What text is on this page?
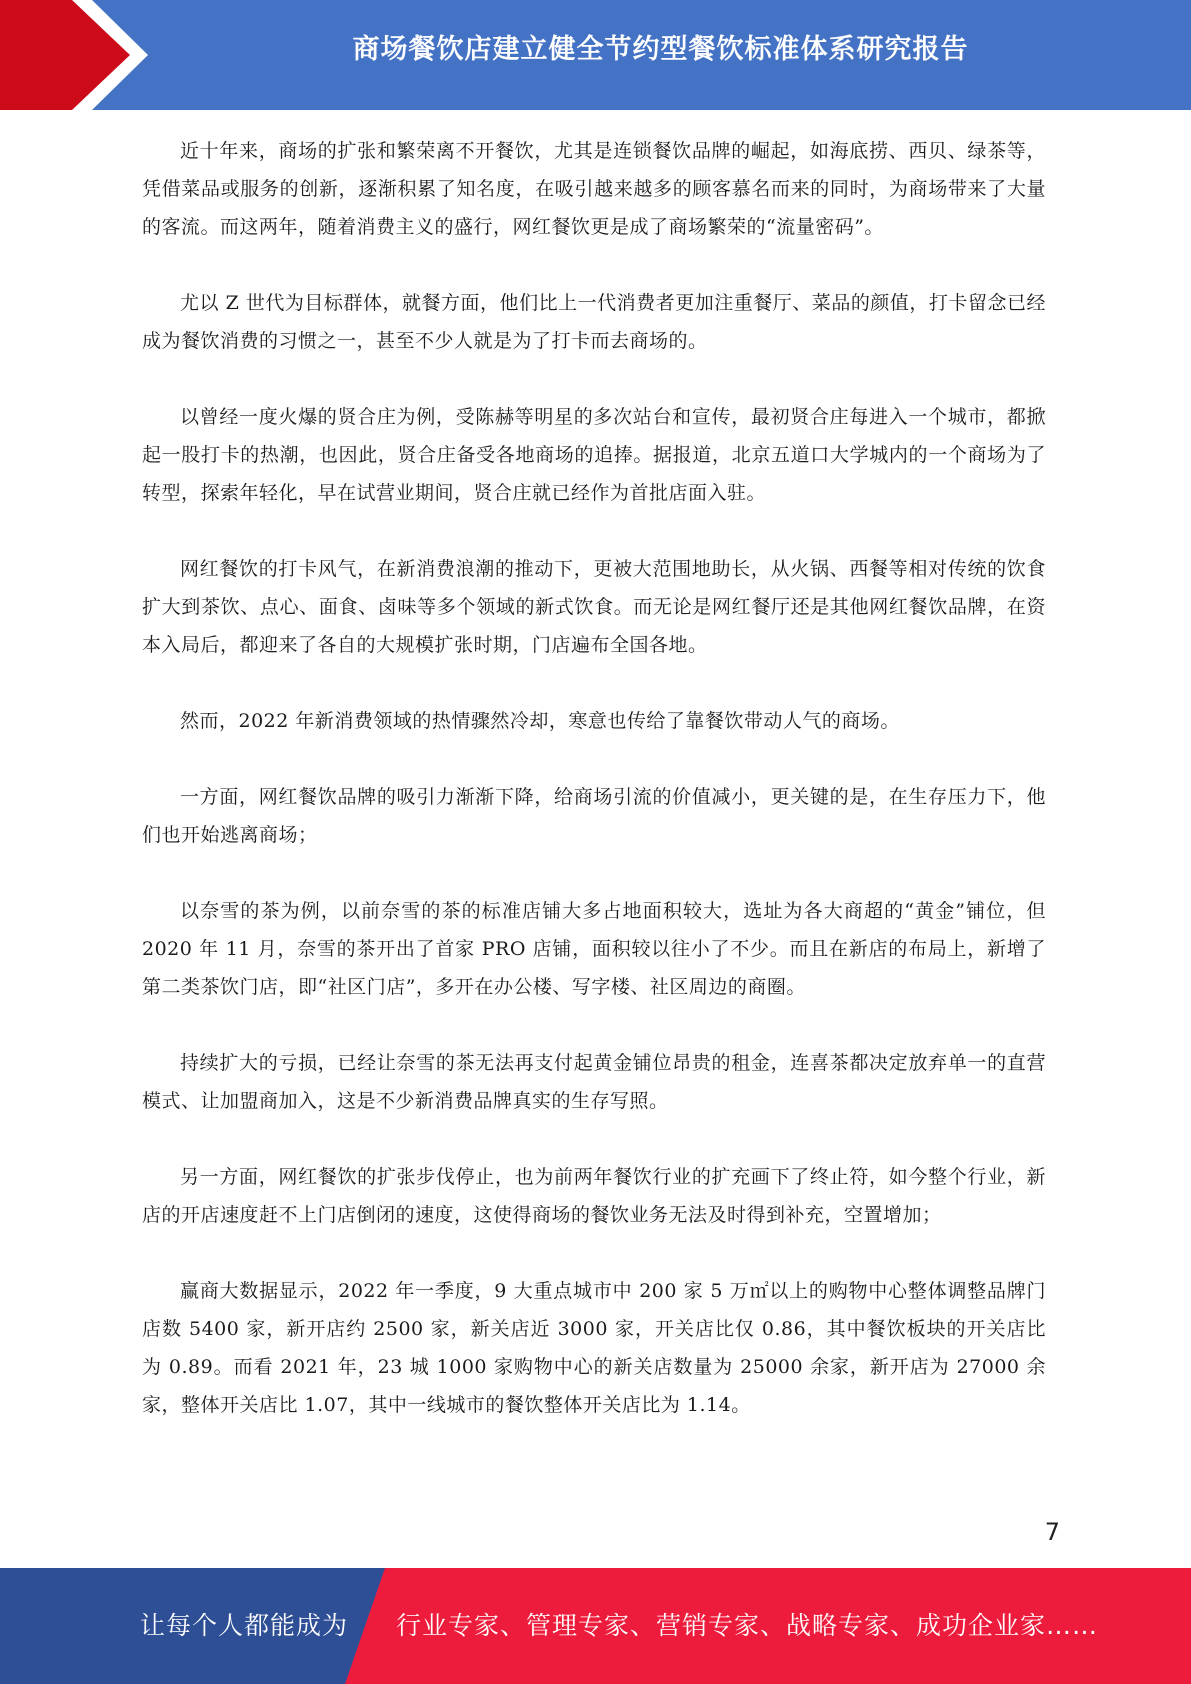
商场餐饮店建立健全节约型餐饮标准体系研究报告

近十年来，商场的扩张和繁荣离不开餐饮，尤其是连锁餐饮品牌的崛起，如海底捞、西贝、绿茶等，凭借菜品或服务的创新，逐渐积累了知名度，在吸引越来越多的顾客慕名而来的同时，为商场带来了大量的客流。而这两年，随着消费主义的盛行，网红餐饮更是成了商场繁荣的“流量密码”。

尤以 Z 世代为目标群体，就餐方面，他们比上一代消费者更加注重餐厅、菜品的颜值，打卡留念已经成为餐饮消费的习惯之一，甚至不少人就是为了打卡而去商场的。

以曾经一度火爆的贤合庄为例，受陈赫等明星的多次站台和宣传，最初贤合庄每进入一个城市，都掀起一股打卡的热潮，也因此，贤合庄备受各地商场的追捧。据报道，北京五道口大学城内的一个商场为了转型，探索年轻化，早在试营业期间，贤合庄就已经作为首批店面入驻。

网红餐饮的打卡风气，在新消费浪潮的推动下，更被大范围地助长，从火锅、西餐等相对传统的饮食扩大到茶饮、点心、面食、卤味等多个领域的新式饮食。而无论是网红餐厅还是其他网红餐饮品牌，在资本入局后，都迎来了各自的大规模扩张时期，门店遍布全国各地。

然而，2022 年新消费领域的热情骤然冷却，寒意也传给了靠餐饮带动人气的商场。

一方面，网红餐饮品牌的吸引力渐渐下降，给商场引流的价值减小，更关键的是，在生存压力下，他们也开始逃离商场；

以奈雪的茶为例，以前奈雪的茶的标准店铺大多占地面积较大，选址为各大商超的“黄金”铺位，但 2020 年 11 月，奈雪的茶开出了首家 PRO 店铺，面积较以往小了不少。而且在新店的布局上，新增了第二类茶饮门店，即“社区门店”，多开在办公楼、写字楼、社区周边的商圈。

持续扩大的亏损，已经让奈雪的茶无法再支付起黄金铺位昂贵的租金，连喜茶都决定放弃单一的直营模式、让加盟商加入，这是不少新消费品牌真实的生存写照。

另一方面，网红餐饮的扩张步伐停止，也为前两年餐饮行业的扩充画下了终止符，如今整个行业，新店的开店速度赶不上门店倒闭的速度，这使得商场的餐饮业务无法及时得到补充，空置增加；

赢商大数据显示，2022 年一季度，9 大重点城市中 200 家 5 万㎡以上的购物中心整体调整品牌门店数 5400 家，新开店约 2500 家，新关店近 3000 家，开关店比仅 0.86，其中餐饮板块的开关店比为 0.89。而看 2021 年，23 城 1000 家购物中心的新关店数量为 25000 余家，新开店为 27000 余家，整体开关店比 1.07，其中一线城市的餐饮整体开关店比为 1.14。

7
让每个人都能成为 行业专家、管理专家、营销专家、战略专家、成功企业家……
